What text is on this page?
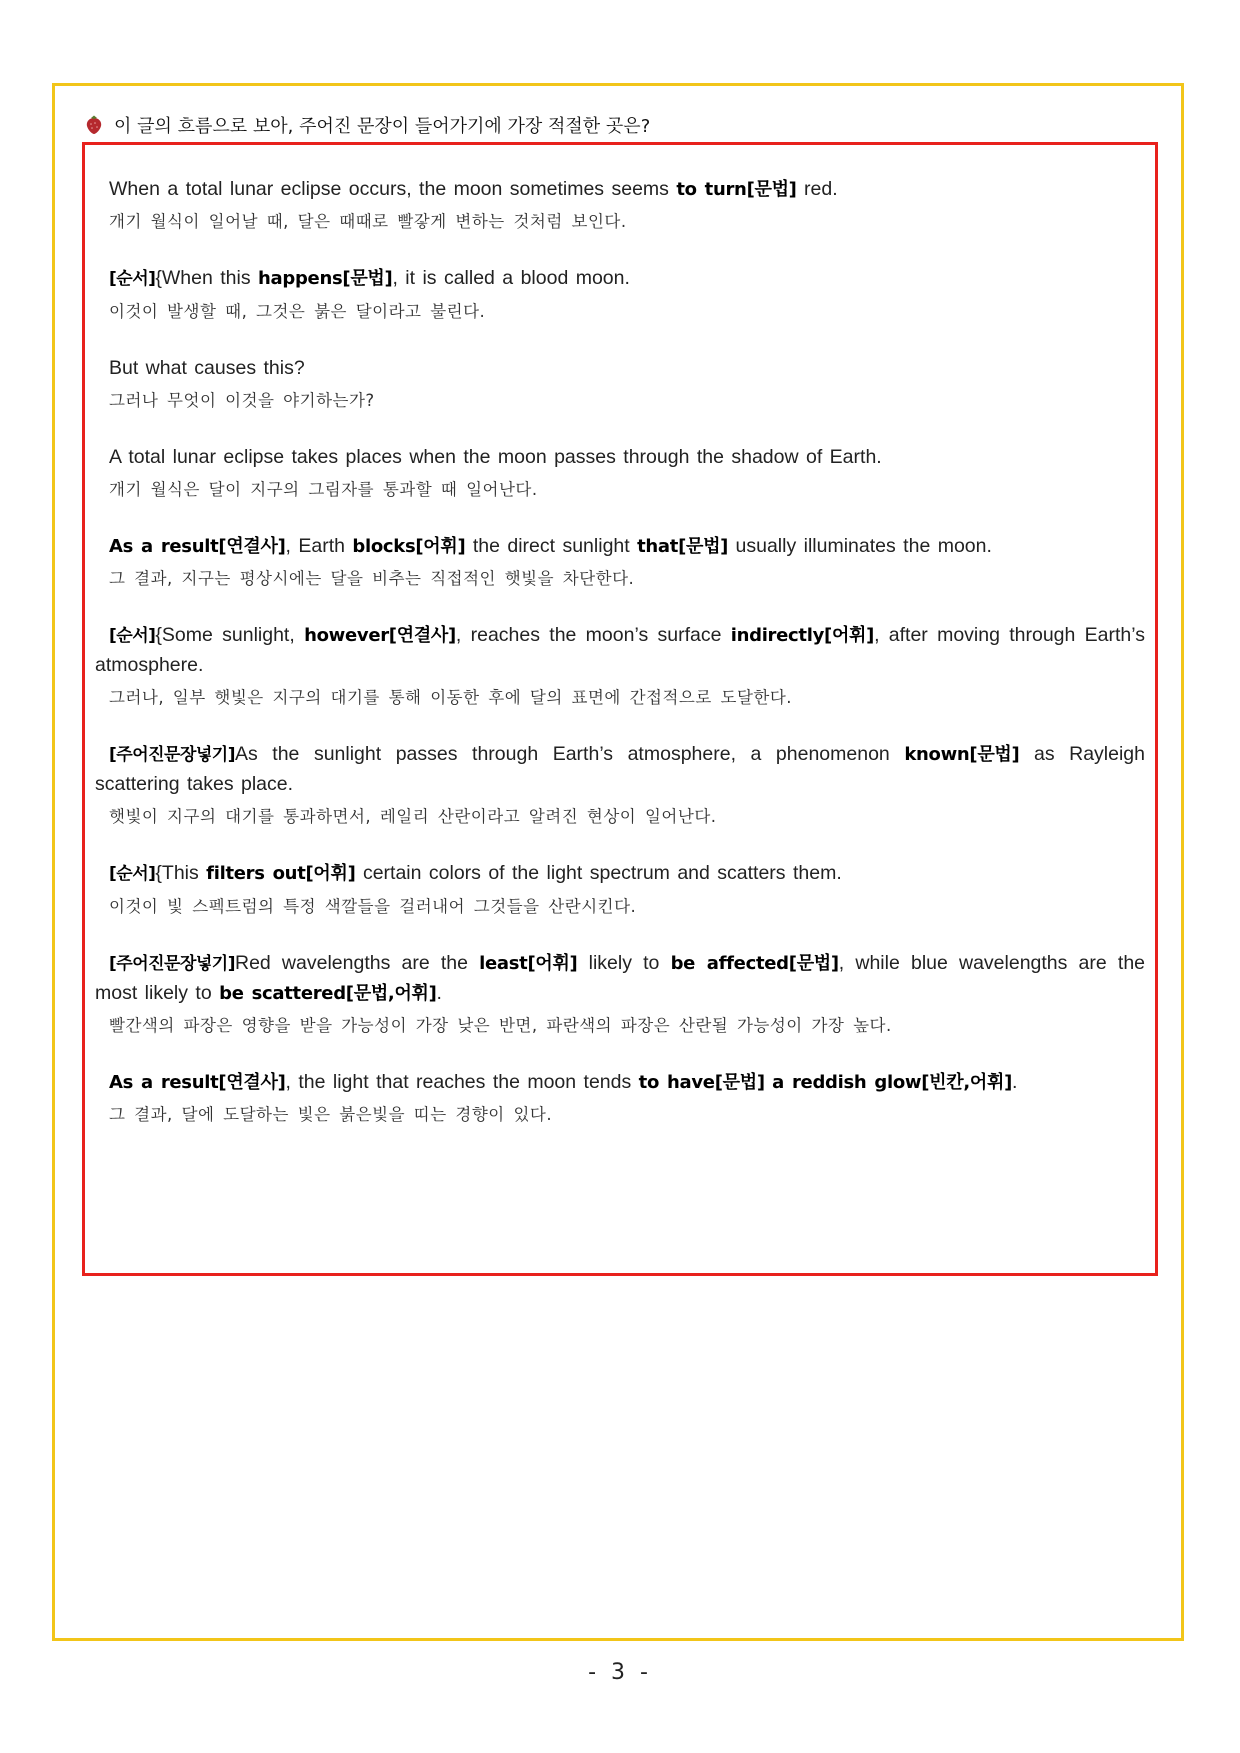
이 글의 흐름으로 보아, 주어진 문장이 들어가기에 가장 적절한 곳은?
When a total lunar eclipse occurs, the moon sometimes seems to turn[문법] red.
개기 월식이 일어날 때, 달은 때때로 빨갛게 변하는 것처럼 보인다.
[순서]{When this happens[문법], it is called a blood moon.
이것이 발생할 때, 그것은 붉은 달이라고 불린다.
But what causes this?
그러나 무엇이 이것을 야기하는가?
A total lunar eclipse takes places when the moon passes through the shadow of Earth.
개기 월식은 달이 지구의 그림자를 통과할 때 일어난다.
As a result[연결사], Earth blocks[어휘] the direct sunlight that[문법] usually illuminates the moon.
그 결과, 지구는 평상시에는 달을 비추는 직접적인 햇빛을 차단한다.
[순서]{Some sunlight, however[연결사], reaches the moon’s surface indirectly[어휘], after moving through Earth’s atmosphere.
그러나, 일부 햇빛은 지구의 대기를 통해 이동한 후에 달의 표면에 간접적으로 도달한다.
[주어진문장넣기]As the sunlight passes through Earth’s atmosphere, a phenomenon known[문법] as Rayleigh scattering takes place.
햇빛이 지구의 대기를 통과하면서, 레일리 산란이라고 알려진 현상이 일어난다.
[순서]{This filters out[어휘] certain colors of the light spectrum and scatters them.
이것이 빛 스펙트럼의 특정 색깔들을 걸러내어 그것들을 산란시킨다.
[주어진문장넣기]Red wavelengths are the least[어휘] likely to be affected[문법], while blue wavelengths are the most likely to be scattered[문법,어휘].
빨간색의 파장은 영향을 받을 가능성이 가장 낮은 반면, 파란색의 파장은 산란될 가능성이 가장 높다.
As a result[연결사], the light that reaches the moon tends to have[문법] a reddish glow[빈칸,어휘].
그 결과, 달에 도달하는 빛은 붉은빛을 띠는 경향이 있다.
- 3 -
